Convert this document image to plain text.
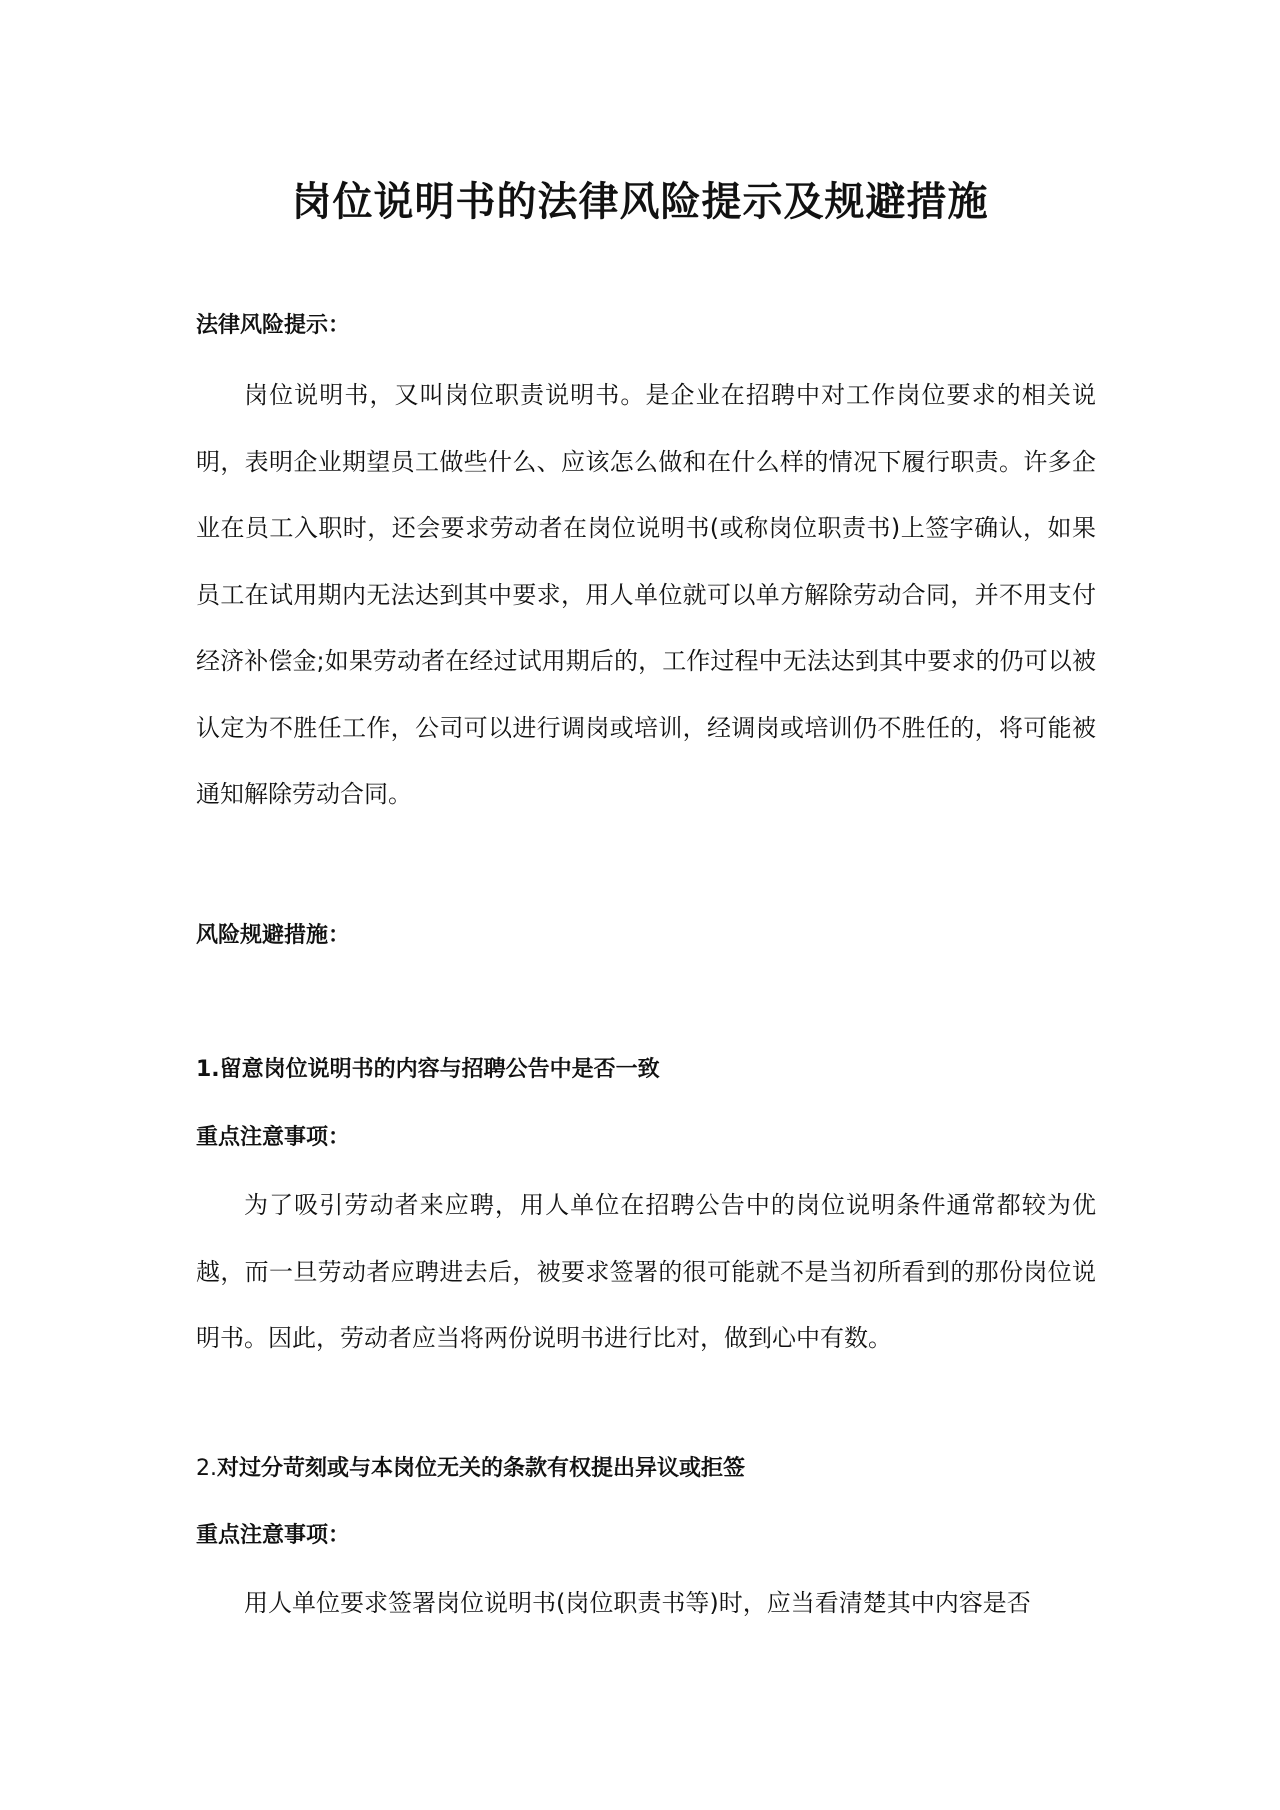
岗位说明书的法律风险提示及规避措施
法律风险提示：
岗位说明书，又叫岗位职责说明书。是企业在招聘中对工作岗位要求的相关说明，表明企业期望员工做些什么、应该怎么做和在什么样的情况下履行职责。许多企业在员工入职时，还会要求劳动者在岗位说明书(或称岗位职责书)上签字确认，如果员工在试用期内无法达到其中要求，用人单位就可以单方解除劳动合同，并不用支付经济补偿金;如果劳动者在经过试用期后的，工作过程中无法达到其中要求的仍可以被认定为不胜任工作，公司可以进行调岗或培训，经调岗或培训仍不胜任的，将可能被通知解除劳动合同。
风险规避措施：
1.留意岗位说明书的内容与招聘公告中是否一致
重点注意事项：
为了吸引劳动者来应聘，用人单位在招聘公告中的岗位说明条件通常都较为优越，而一旦劳动者应聘进去后，被要求签署的很可能就不是当初所看到的那份岗位说明书。因此，劳动者应当将两份说明书进行比对，做到心中有数。
2.对过分苛刻或与本岗位无关的条款有权提出异议或拒签
重点注意事项：
用人单位要求签署岗位说明书(岗位职责书等)时，应当看清楚其中内容是否
